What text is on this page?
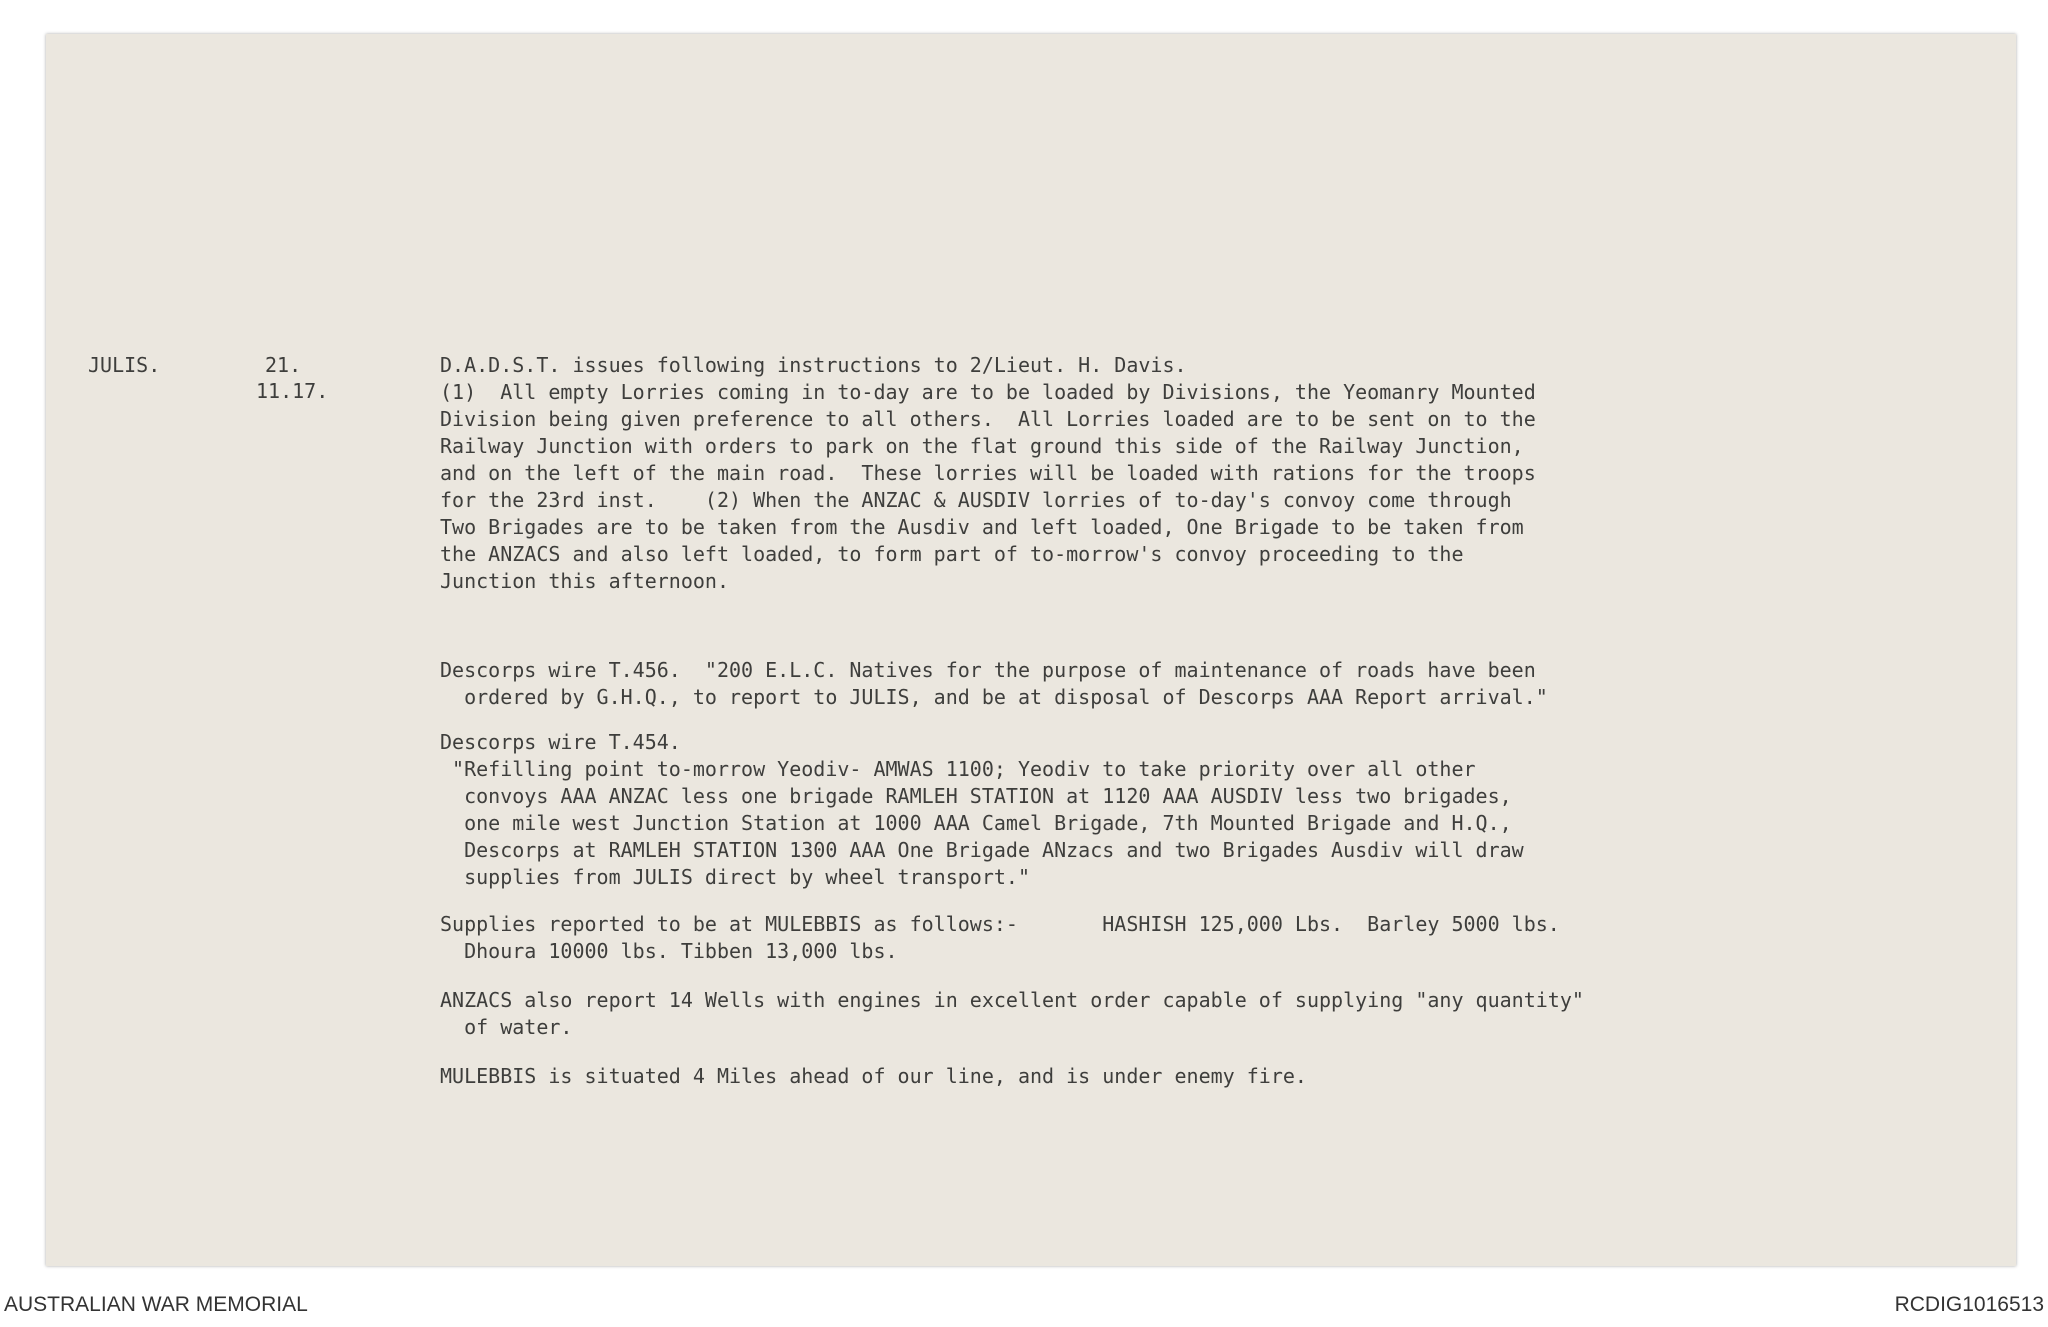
JULIS.	21.
11.17.
D.A.D.S.T. issues following instructions to 2/Lieut. H. Davis.
(1)  All empty Lorries coming in to-day are to be loaded by Divisions, the Yeomanry Mounted
Division being given preference to all others.  All Lorries loaded are to be sent on to the
Railway Junction with orders to park on the flat ground this side of the Railway Junction,
and on the left of the main road.  These lorries will be loaded with rations for the troops
for the 23rd inst.    (2) When the ANZAC & AUSDIV lorries of to-day's convoy come through
Two Brigades are to be taken from the Ausdiv and left loaded, One Brigade to be taken from
the ANZACS and also left loaded, to form part of to-morrow's convoy proceeding to the
Junction this afternoon.
Descorps wire T.456.  "200 E.L.C. Natives for the purpose of maintenance of roads have been
ordered by G.H.Q., to report to JULIS, and be at disposal of Descorps AAA Report arrival."
Descorps wire T.454.
"Refilling point to-morrow Yeodiv- AMWAS 1100; Yeodiv to take priority over all other
convoys AAA ANZAC less one brigade RAMLEH STATION at 1120 AAA AUSDIV less two brigades,
one mile west Junction Station at 1000 AAA Camel Brigade, 7th Mounted Brigade and H.Q.,
Descorps at RAMLEH STATION 1300 AAA One Brigade ANzacs and two Brigades Ausdiv will draw
supplies from JULIS direct by wheel transport."
Supplies reported to be at MULEBBIS as follows:-       HASHISH 125,000 Lbs.  Barley 5000 lbs.
Dhoura 10000 lbs. Tibben 13,000 lbs.
ANZACS also report 14 Wells with engines in excellent order capable of supplying "any quantity"
of water.
MULEBBIS is situated 4 Miles ahead of our line, and is under enemy fire.
AUSTRALIAN WAR MEMORIAL	RCDIG1016513
